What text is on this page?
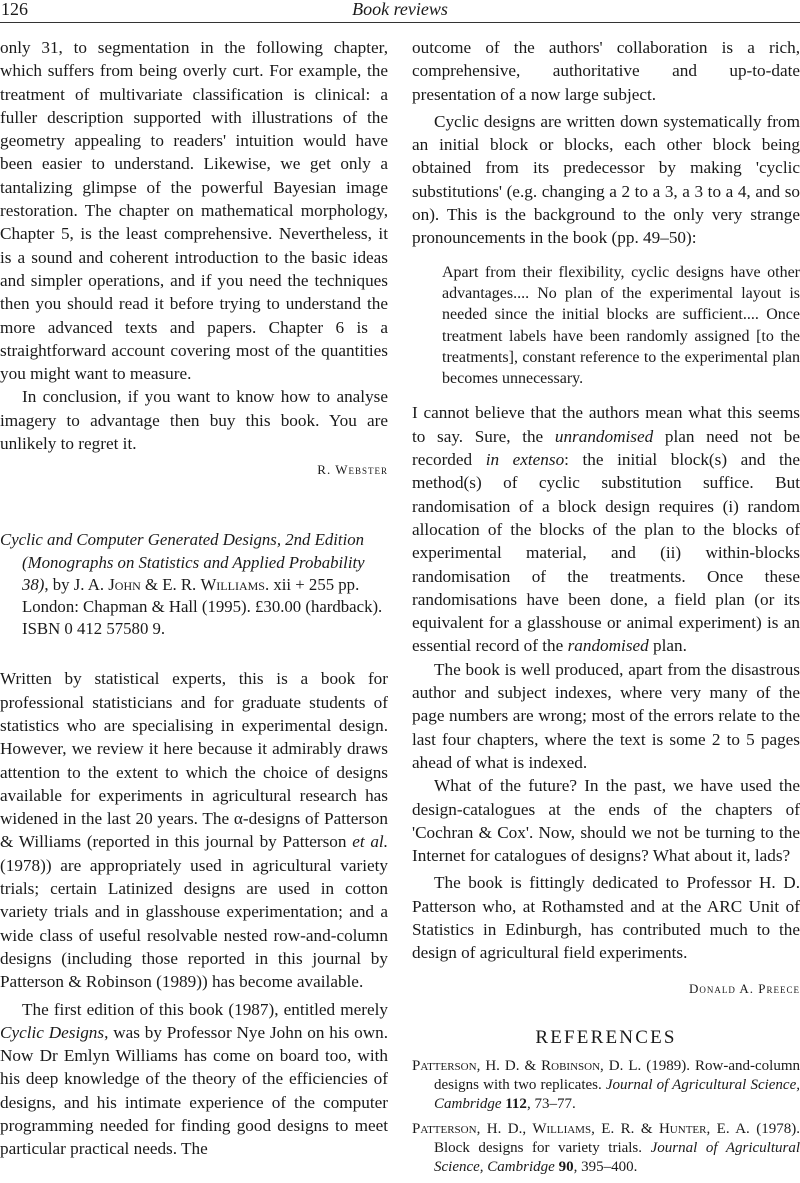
126	Book reviews

only 31, to segmentation in the following chapter, which suffers from being overly curt. For example, the treatment of multivariate classification is clinical: a fuller description supported with illustrations of the geometry appealing to readers' intuition would have been easier to understand. Likewise, we get only a tantalizing glimpse of the powerful Bayesian image restoration. The chapter on mathematical morphology, Chapter 5, is the least comprehensive. Nevertheless, it is a sound and coherent introduction to the basic ideas and simpler operations, and if you need the techniques then you should read it before trying to understand the more advanced texts and papers. Chapter 6 is a straightforward account covering most of the quantities you might want to measure.

In conclusion, if you want to know how to analyse imagery to advantage then buy this book. You are unlikely to regret it.

R. Webster

Cyclic and Computer Generated Designs, 2nd Edition

(Monographs on Statistics and Applied Probability 38), by J. A. John & E. R. Williams. xii + 255 pp.

London: Chapman & Hall (1995). £30.00 (hardback).

ISBN 0 412 57580 9.

Written by statistical experts, this is a book for professional statisticians and for graduate students of statistics who are specialising in experimental design. However, we review it here because it admirably draws attention to the extent to which the choice of designs available for experiments in agricultural research has widened in the last 20 years. The α-designs of Patterson & Williams (reported in this journal by Patterson et al. (1978)) are appropriately used in agricultural variety trials; certain Latinized designs are used in cotton variety trials and in glasshouse experimentation; and a wide class of useful resolvable nested row-and-column designs (including those reported in this journal by Patterson & Robinson (1989)) has become available.

The first edition of this book (1987), entitled merely Cyclic Designs, was by Professor Nye John on his own. Now Dr Emlyn Williams has come on board too, with his deep knowledge of the theory of the efficiencies of designs, and his intimate experience of the computer programming needed for finding good designs to meet particular practical needs. The

outcome of the authors' collaboration is a rich, comprehensive, authoritative and up-to-date presentation of a now large subject.

Cyclic designs are written down systematically from an initial block or blocks, each other block being obtained from its predecessor by making 'cyclic substitutions' (e.g. changing a 2 to a 3, a 3 to a 4, and so on). This is the background to the only very strange pronouncements in the book (pp. 49–50):

Apart from their flexibility, cyclic designs have other advantages.... No plan of the experimental layout is needed since the initial blocks are sufficient.... Once treatment labels have been randomly assigned [to the treatments], constant reference to the experimental plan becomes unnecessary.

I cannot believe that the authors mean what this seems to say. Sure, the unrandomised plan need not be recorded in extenso: the initial block(s) and the method(s) of cyclic substitution suffice. But randomisation of a block design requires (i) random allocation of the blocks of the plan to the blocks of experimental material, and (ii) within-blocks randomisation of the treatments. Once these randomisations have been done, a field plan (or its equivalent for a glasshouse or animal experiment) is an essential record of the randomised plan.

The book is well produced, apart from the disastrous author and subject indexes, where very many of the page numbers are wrong; most of the errors relate to the last four chapters, where the text is some 2 to 5 pages ahead of what is indexed.

What of the future? In the past, we have used the design-catalogues at the ends of the chapters of 'Cochran & Cox'. Now, should we not be turning to the Internet for catalogues of designs? What about it, lads?

The book is fittingly dedicated to Professor H. D. Patterson who, at Rothamsted and at the ARC Unit of Statistics in Edinburgh, has contributed much to the design of agricultural field experiments.

Donald A. Preece
REFERENCES
Patterson, H. D. & Robinson, D. L. (1989). Row-and-column designs with two replicates. Journal of Agricultural Science, Cambridge 112, 73–77.
Patterson, H. D., Williams, E. R. & Hunter, E. A. (1978). Block designs for variety trials. Journal of Agricultural Science, Cambridge 90, 395–400.
